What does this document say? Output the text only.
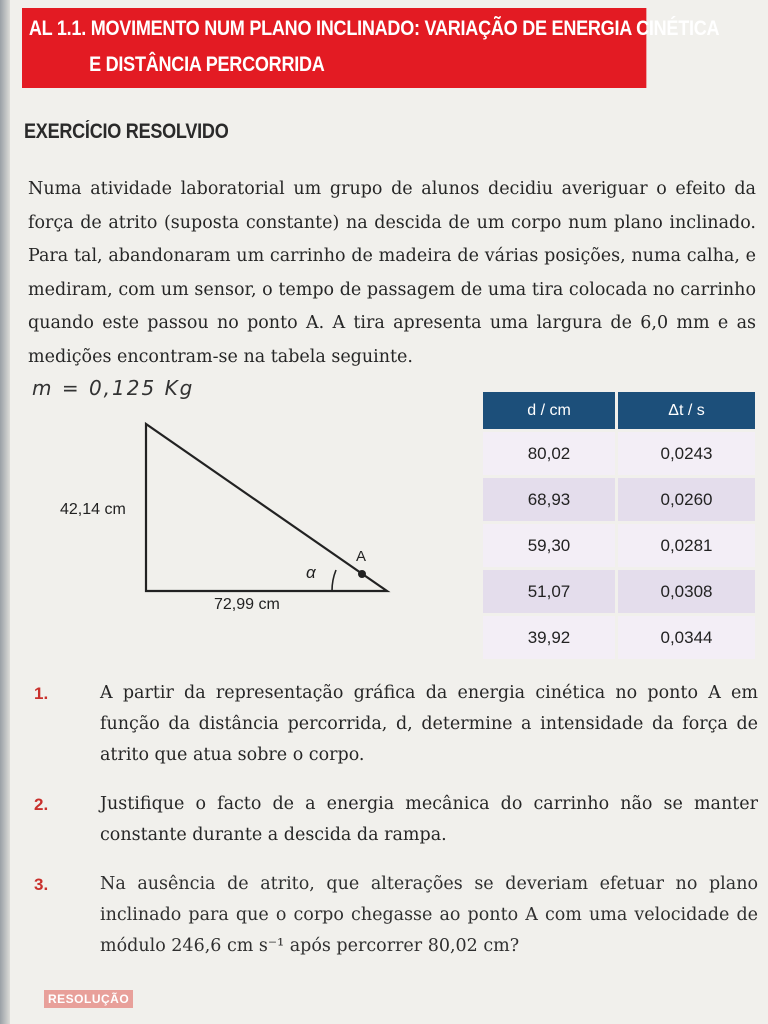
AL 1.1. MOVIMENTO NUM PLANO INCLINADO: VARIAÇÃO DE ENERGIA CINÉTICA
E DISTÂNCIA PERCORRIDA
EXERCÍCIO RESOLVIDO

Numa atividade laboratorial um grupo de alunos decidiu averiguar o efeito da força de atrito (suposta constante) na descida de um corpo num plano inclinado. Para tal, abandonaram um carrinho de madeira de várias posições, numa calha, e mediram, com um sensor, o tempo de passagem de uma tira colocada no carrinho quando este passou no ponto A. A tira apresenta uma largura de 6,0 mm e as medições encontram-se na tabela seguinte.

m = 0,125 Kg
42,14 cm
72,99 cm
α
A
d / cm	Δt / s
80,02	0,0243
68,93	0,0260
59,30	0,0281
51,07	0,0308
39,92	0,0344
1.	A partir da representação gráfica da energia cinética no ponto A em função da distância percorrida, d, determine a intensidade da força de atrito que atua sobre o corpo.

2.	Justifique o facto de a energia mecânica do carrinho não se manter constante durante a descida da rampa.

3.	Na ausência de atrito, que alterações se deveriam efetuar no plano inclinado para que o corpo chegasse ao ponto A com uma velocidade de módulo 246,6 cm s⁻¹ após percorrer 80,02 cm?

RESOLUÇÃO
